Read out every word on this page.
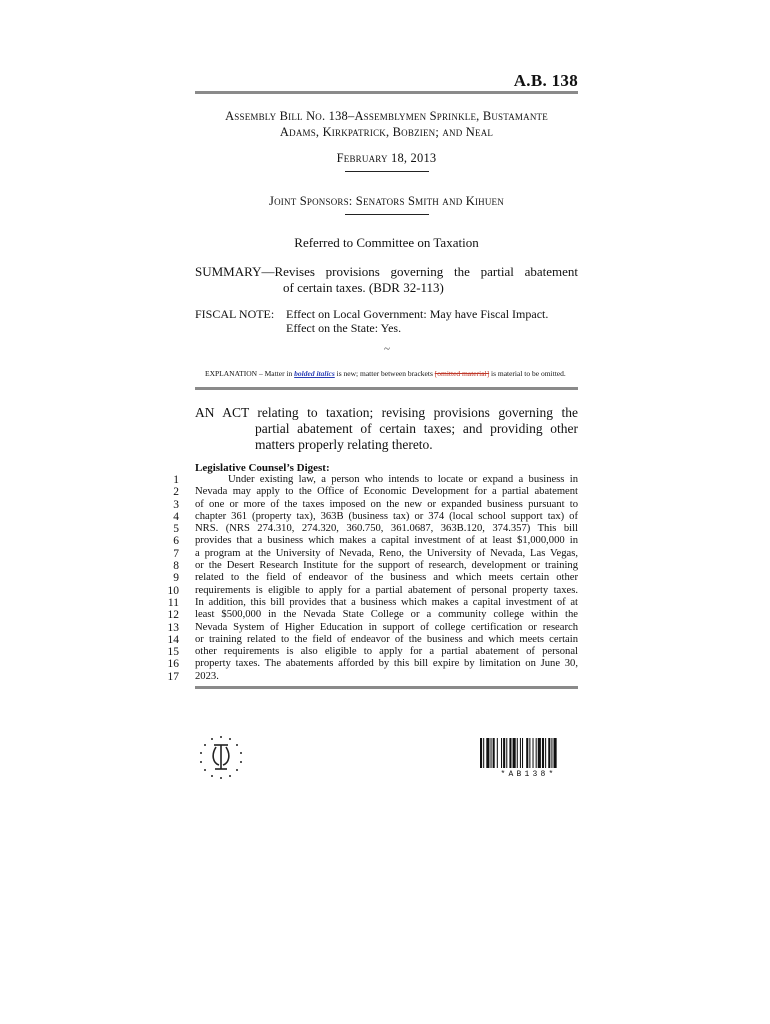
A.B. 138
Assembly Bill No. 138–Assemblymen Sprinkle, Bustamante
Adams, Kirkpatrick, Bobzien; and Neal
February 18, 2013
Joint Sponsors: Senators Smith and Kihuen
Referred to Committee on Taxation
SUMMARY—Revises provisions governing the partial abatement
of certain taxes. (BDR 32-113)
FISCAL NOTE: Effect on Local Government: May have Fiscal Impact.
Effect on the State: Yes.
~
EXPLANATION – Matter in bolded italics is new; matter between brackets [omitted material] is material to be omitted.
AN ACT relating to taxation; revising provisions governing the
partial abatement of certain taxes; and providing other
matters properly relating thereto.
Legislative Counsel’s Digest:
1	Under existing law, a person who intends to locate or expand a business in
2 Nevada may apply to the Office of Economic Development for a partial abatement
3 of one or more of the taxes imposed on the new or expanded business pursuant to
4 chapter 361 (property tax), 363B (business tax) or 374 (local school support tax) of
5 NRS. (NRS 274.310, 274.320, 360.750, 361.0687, 363B.120, 374.357) This bill
6 provides that a business which makes a capital investment of at least $1,000,000 in
7 a program at the University of Nevada, Reno, the University of Nevada, Las Vegas,
8 or the Desert Research Institute for the support of research, development or training
9 related to the field of endeavor of the business and which meets certain other
10 requirements is eligible to apply for a partial abatement of personal property taxes.
11 In addition, this bill provides that a business which makes a capital investment of at
12 least $500,000 in the Nevada State College or a community college within the
13 Nevada System of Higher Education in support of college certification or research
14 or training related to the field of endeavor of the business and which meets certain
15 other requirements is also eligible to apply for a partial abatement of personal
16 property taxes. The abatements afforded by this bill expire by limitation on June 30,
17 2023.
*AB138*
